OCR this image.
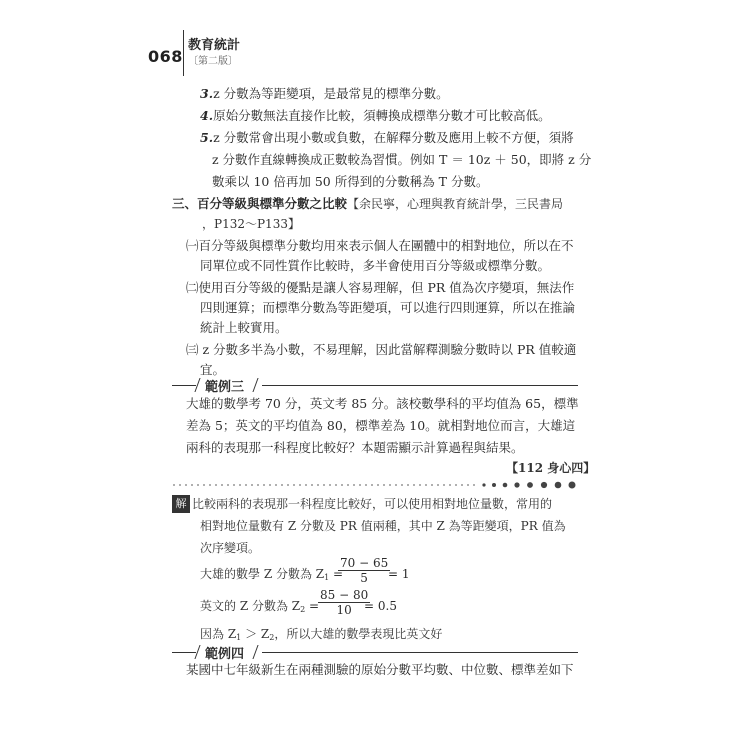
068
教育統計
〔第二版〕
3.z 分數為等距變項，是最常見的標準分數。
4.原始分數無法直接作比較，須轉換成標準分數才可比較高低。
5.z 分數常會出現小數或負數，在解釋分數及應用上較不方便，須將
z 分數作直線轉換成正數較為習慣。例如 T ＝ 10z ＋ 50，即將 z 分
數乘以 10 倍再加 50 所得到的分數稱為 T 分數。
三、百分等級與標準分數之比較【余民寧，心理與教育統計學，三民書局
，P132～P133】
㈠百分等級與標準分數均用來表示個人在團體中的相對地位，所以在不
同單位或不同性質作比較時，多半會使用百分等級或標準分數。
㈡使用百分等級的優點是讓人容易理解，但 PR 值為次序變項，無法作
四則運算；而標準分數為等距變項，可以進行四則運算，所以在推論
統計上較實用。
㈢ z 分數多半為小數，不易理解，因此當解釋測驗分數時以 PR 值較適
宜。
範例三
大雄的數學考 70 分，英文考 85 分。該校數學科的平均值為 65，標準
差為 5；英文的平均值為 80，標準差為 10。就相對地位而言，大雄這
兩科的表現那一科程度比較好？本題需顯示計算過程與結果。
【112 身心四】
解 比較兩科的表現那一科程度比較好，可以使用相對地位量數，常用的
相對地位量數有 Z 分數及 PR 值兩種，其中 Z 為等距變項，PR 值為
次序變項。
大雄的數學 Z 分數為 $Z_1$ =
$\frac{70 - 65}{5}$
= 1
英文的 Z 分數為 $Z_2$ =
$\frac{85 - 80}{10}$
= 0.5
因為 $Z_1 > Z_2$，所以大雄的數學表現比英文好
範例四
某國中七年級新生在兩種測驗的原始分數平均數、中位數、標準差如下
